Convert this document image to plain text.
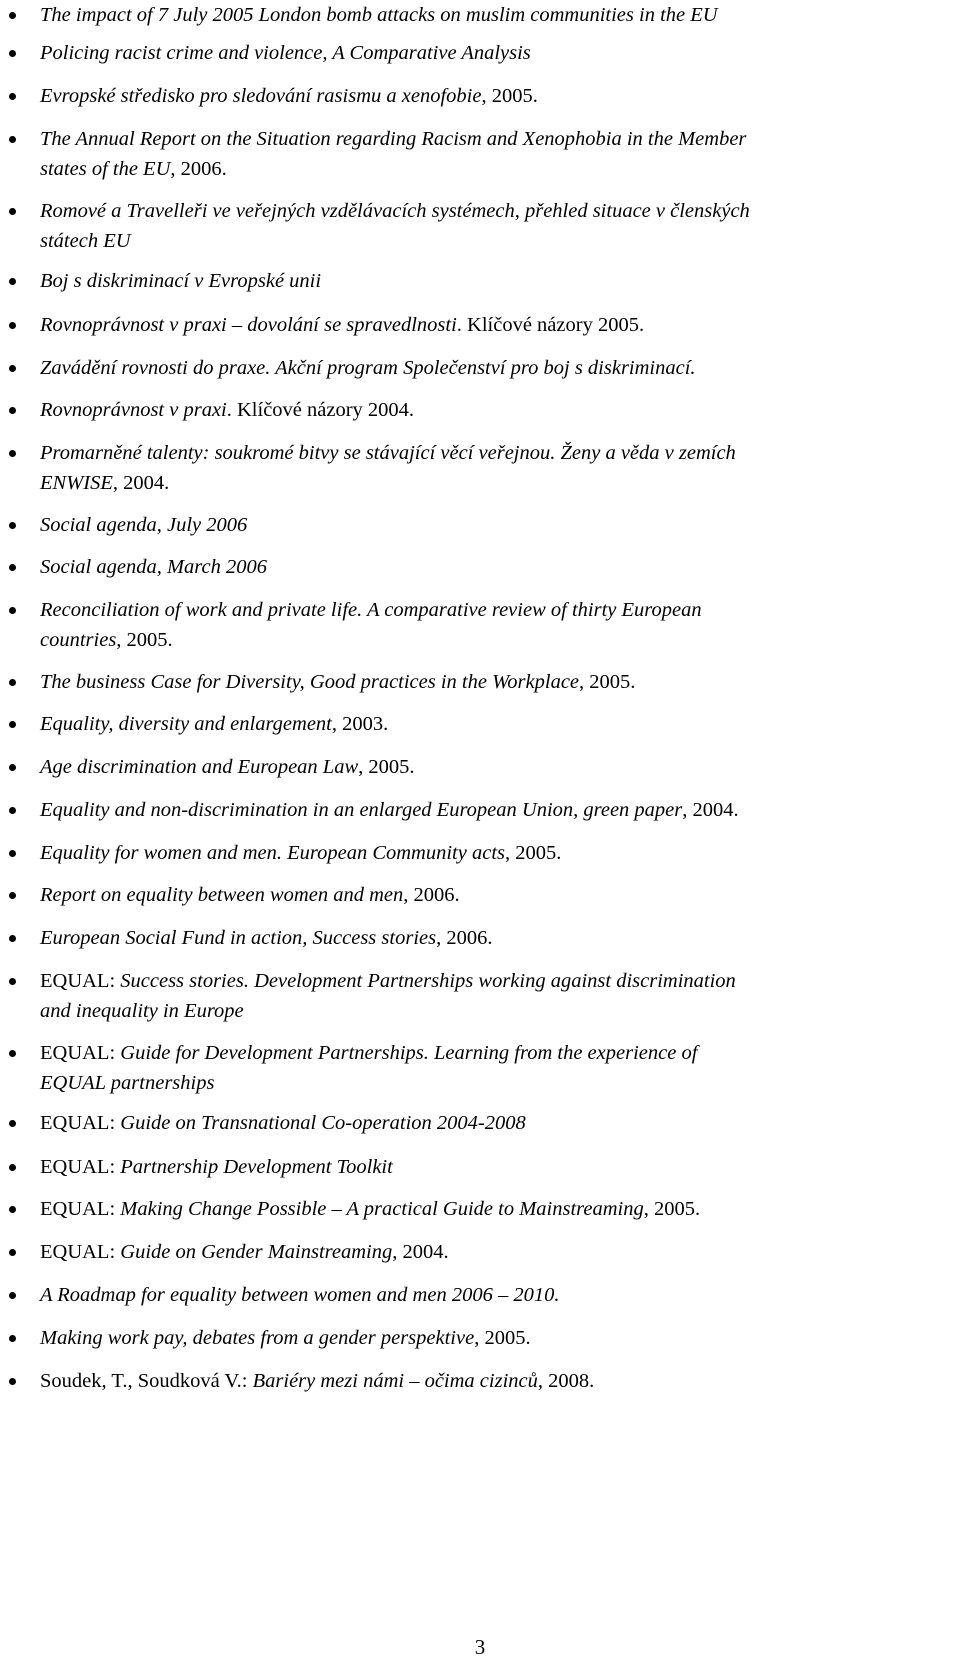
The impact of 7 July 2005 London bomb attacks on muslim communities in the EU
Policing racist crime and violence, A Comparative Analysis
Evropské středisko pro sledování rasismu a xenofobie, 2005.
The Annual Report on the Situation regarding Racism and Xenophobia in the Member
states of the EU, 2006.
Romové a Travelleři ve veřejných vzdělávacích systémech, přehled situace v členských
státech EU
Boj s diskriminací v Evropské unii
Rovnoprávnost v praxi – dovolání se spravedlnosti. Klíčové názory 2005.
Zavádění rovnosti do praxe. Akční program Společenství pro boj s diskriminací.
Rovnoprávnost v praxi. Klíčové názory 2004.
Promarněné talenty: soukromé bitvy se stávající věcí veřejnou. Ženy a věda v zemích
ENWISE, 2004.
Social agenda, July 2006
Social agenda, March 2006
Reconciliation of work and private life. A comparative review of thirty European
countries, 2005.
The business Case for Diversity, Good practices in the Workplace, 2005.
Equality, diversity and enlargement, 2003.
Age discrimination and European Law, 2005.
Equality and non-discrimination in an enlarged European Union, green paper, 2004.
Equality for women and men. European Community acts, 2005.
Report on equality between women and men, 2006.
European Social Fund in action, Success stories, 2006.
EQUAL: Success stories. Development Partnerships working against discrimination
and inequality in Europe
EQUAL: Guide for Development Partnerships. Learning from the experience of
EQUAL partnerships
EQUAL: Guide on Transnational Co-operation 2004-2008
EQUAL: Partnership Development Toolkit
EQUAL: Making Change Possible – A practical Guide to Mainstreaming, 2005.
EQUAL: Guide on Gender Mainstreaming, 2004.
A Roadmap for equality between women and men 2006 – 2010.
Making work pay, debates from a gender perspektive, 2005.
Soudek, T., Soudková V.: Bariéry mezi námi – očima cizinců, 2008.
3
